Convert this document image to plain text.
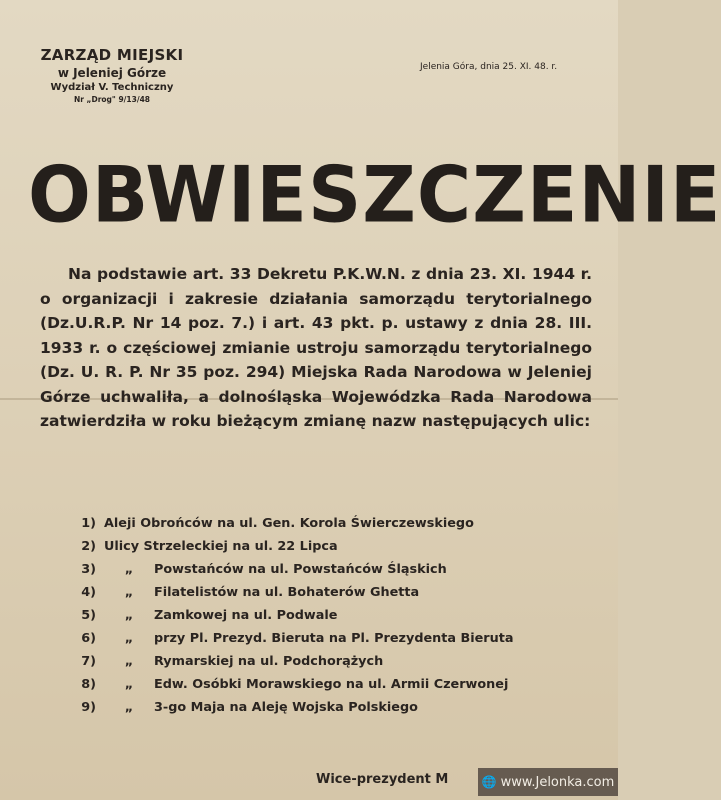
ZARZĄD MIEJSKI
w Jeleniej Górze
Wydział V. Techniczny
Nr „Drog" 9/13/48
Jelenia Góra, dnia 25. XI. 48. r.
OBWIESZCZENIE
Na podstawie art. 33 Dekretu P.K.W.N. z dnia 23. XI. 1944 r. o organizacji i zakresie działania samorządu terytorialnego (Dz.U.R.P. Nr 14 poz. 7.) i art. 43 pkt. p. ustawy z dnia 28. III. 1933 r. o częściowej zmianie ustroju samorządu terytorialnego (Dz. U. R. P. Nr 35 poz. 294) Miejska Rada Narodowa w Jeleniej Górze uchwaliła, a dolnośląska Wojewódzka Rada Narodowa zatwierdziła w roku bieżącym zmianę nazw następujących ulic:
1) Aleji Obrońców na ul. Gen. Korola Świerczewskiego
2) Ulicy Strzeleckiej na ul. 22 Lipca
3)	„	Powstańców na ul. Powstańców Śląskich
4)	„	Filatelistów na ul. Bohaterów Ghetta
5)	„	Zamkowej na ul. Podwale
6)	„	przy Pl. Prezyd. Bieruta na Pl. Prezydenta Bieruta
7)	„	Rymarskiej na ul. Podchorążych
8)	„	Edw. Osóbki Morawskiego na ul. Armii Czerwonej
9)	„	3-go Maja na Aleję Wojska Polskiego
Wice-prezydent M	🌐 www.Jelonka.com
